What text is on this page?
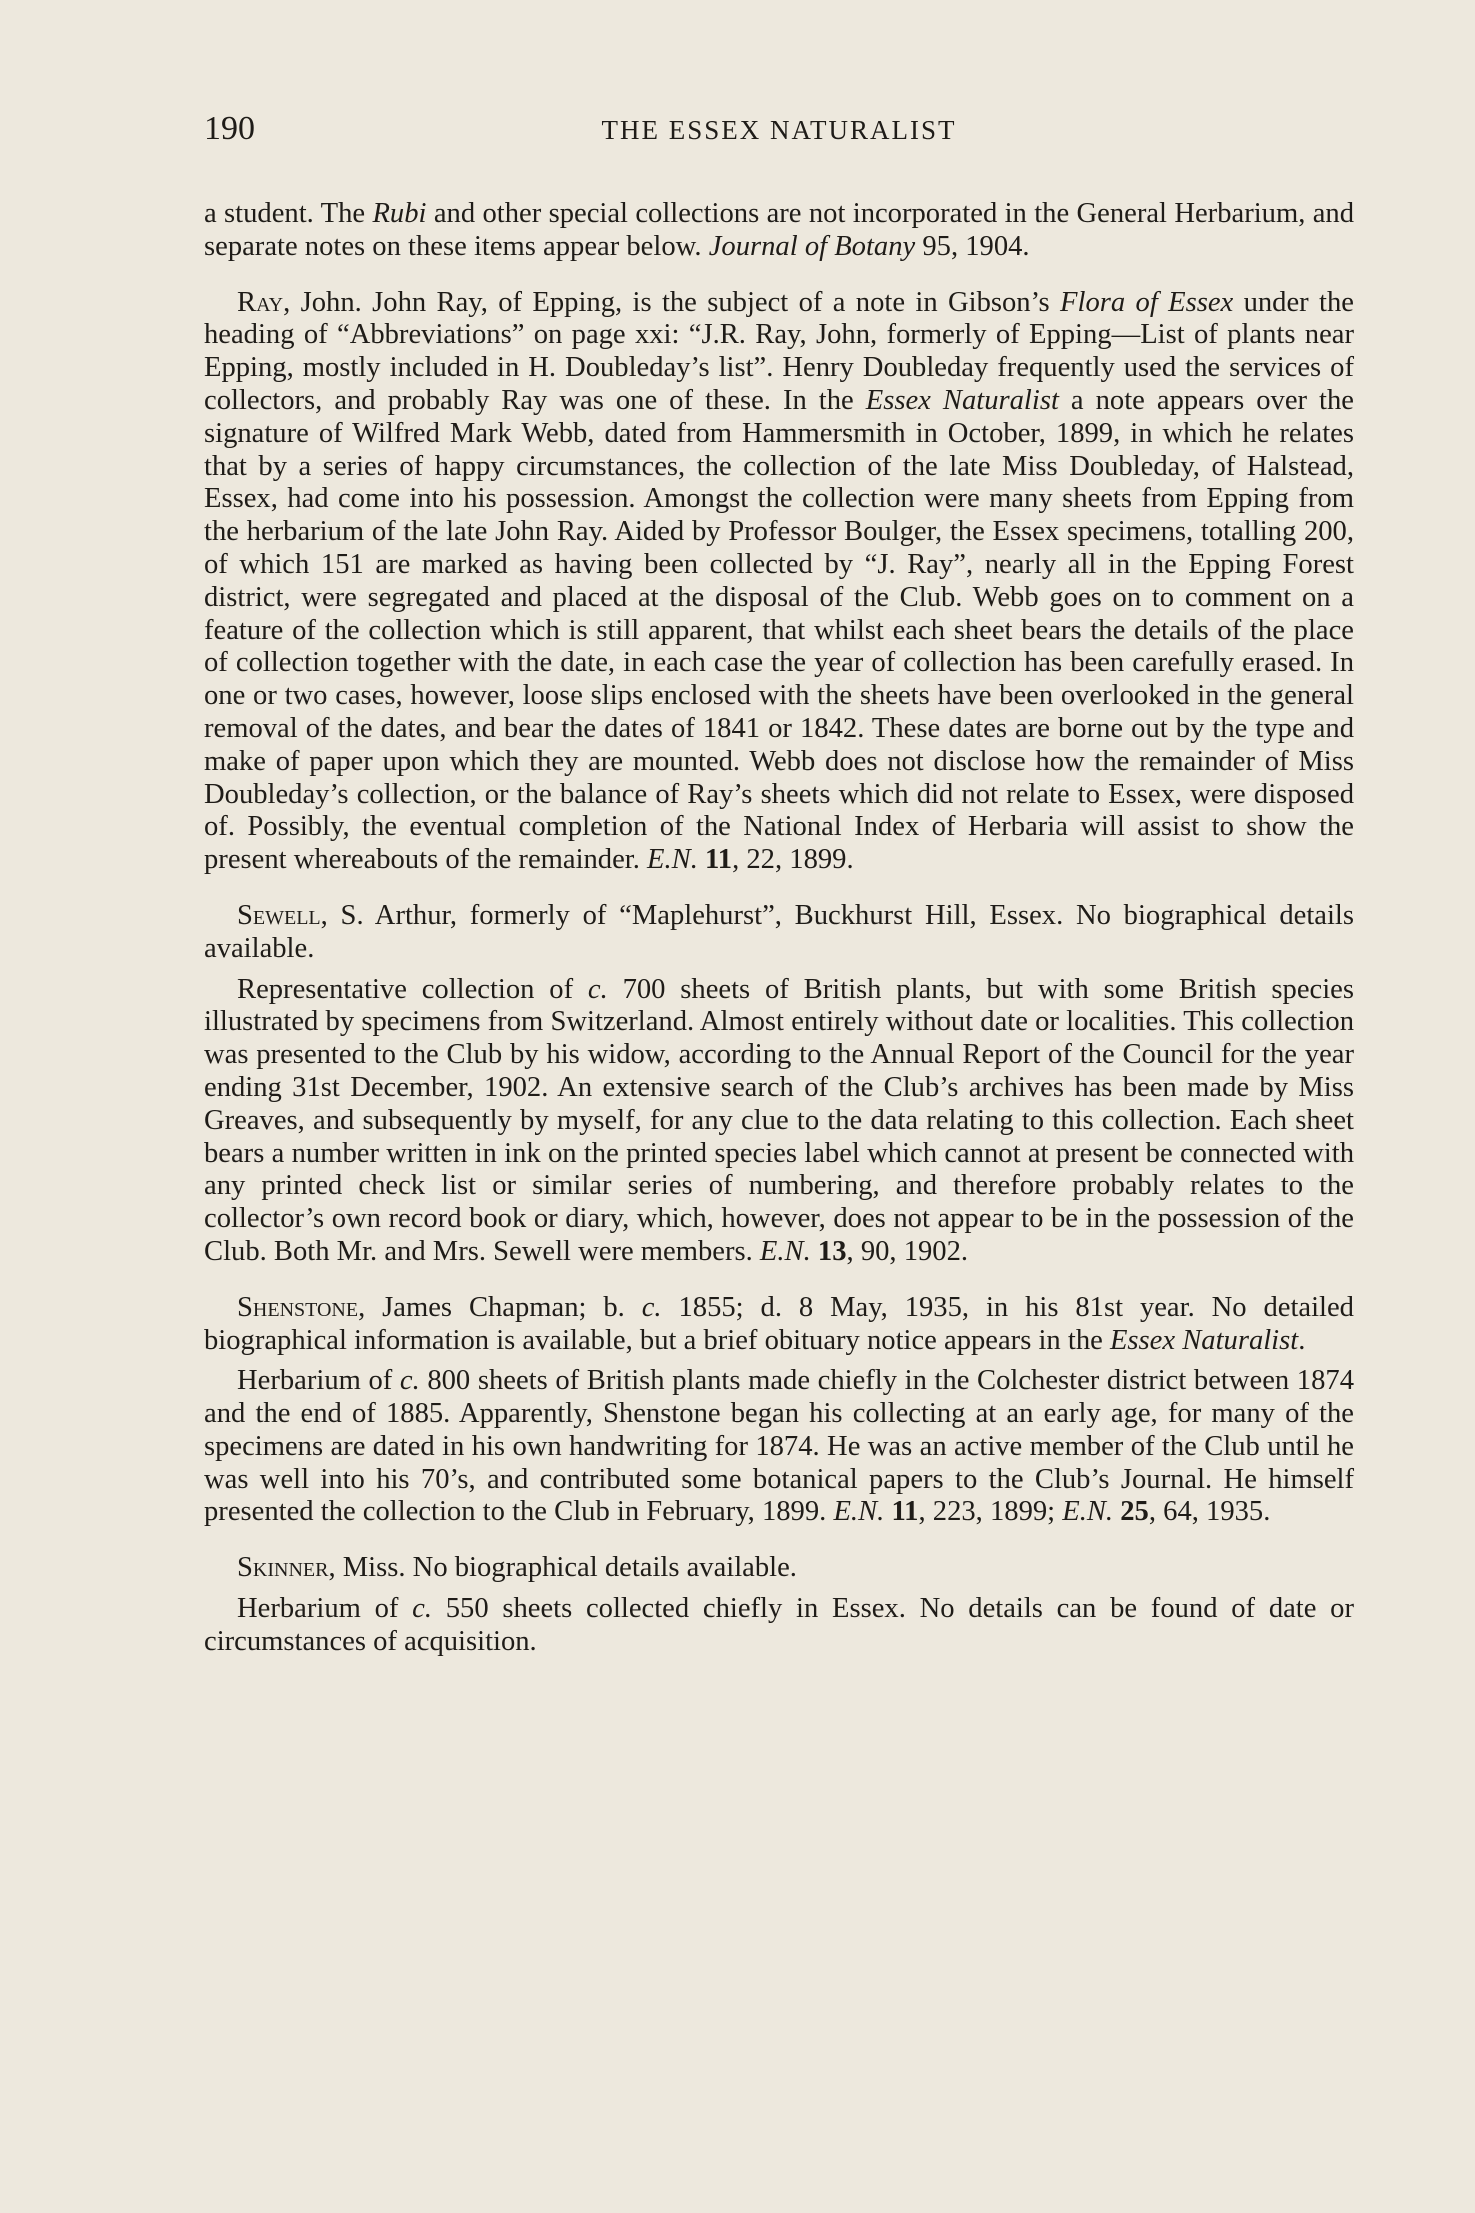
190	THE ESSEX NATURALIST

a student. The Rubi and other special collections are not incorporated in the General Herbarium, and separate notes on these items appear below. Journal of Botany 95, 1904.

Ray, John. John Ray, of Epping, is the subject of a note in Gibson’s Flora of Essex under the heading of “Abbreviations” on page xxi: “J.R. Ray, John, formerly of Epping—List of plants near Epping, mostly included in H. Doubleday’s list”. Henry Doubleday frequently used the services of collectors, and probably Ray was one of these. In the Essex Naturalist a note appears over the signature of Wilfred Mark Webb, dated from Hammersmith in October, 1899, in which he relates that by a series of happy circumstances, the collection of the late Miss Doubleday, of Halstead, Essex, had come into his possession. Amongst the collection were many sheets from Epping from the herbarium of the late John Ray. Aided by Professor Boulger, the Essex specimens, totalling 200, of which 151 are marked as having been collected by “J. Ray”, nearly all in the Epping Forest district, were segregated and placed at the disposal of the Club. Webb goes on to comment on a feature of the collection which is still apparent, that whilst each sheet bears the details of the place of collection together with the date, in each case the year of collection has been carefully erased. In one or two cases, however, loose slips enclosed with the sheets have been overlooked in the general removal of the dates, and bear the dates of 1841 or 1842. These dates are borne out by the type and make of paper upon which they are mounted. Webb does not disclose how the remainder of Miss Doubleday’s collection, or the balance of Ray’s sheets which did not relate to Essex, were disposed of. Possibly, the eventual completion of the National Index of Herbaria will assist to show the present whereabouts of the remainder. E.N. 11, 22, 1899.

Sewell, S. Arthur, formerly of “Maplehurst”, Buckhurst Hill, Essex. No biographical details available.

Representative collection of c. 700 sheets of British plants, but with some British species illustrated by specimens from Switzerland. Almost entirely without date or localities. This collection was presented to the Club by his widow, according to the Annual Report of the Council for the year ending 31st December, 1902. An extensive search of the Club’s archives has been made by Miss Greaves, and subsequently by myself, for any clue to the data relating to this collection. Each sheet bears a number written in ink on the printed species label which cannot at present be connected with any printed check list or similar series of numbering, and therefore probably relates to the collector’s own record book or diary, which, however, does not appear to be in the possession of the Club. Both Mr. and Mrs. Sewell were members. E.N. 13, 90, 1902.

Shenstone, James Chapman; b. c. 1855; d. 8 May, 1935, in his 81st year. No detailed biographical information is available, but a brief obituary notice appears in the Essex Naturalist.

Herbarium of c. 800 sheets of British plants made chiefly in the Colchester district between 1874 and the end of 1885. Apparently, Shenstone began his collecting at an early age, for many of the specimens are dated in his own handwriting for 1874. He was an active member of the Club until he was well into his 70’s, and contributed some botanical papers to the Club’s Journal. He himself presented the collection to the Club in February, 1899. E.N. 11, 223, 1899; E.N. 25, 64, 1935.

Skinner, Miss. No biographical details available.

Herbarium of c. 550 sheets collected chiefly in Essex. No details can be found of date or circumstances of acquisition.
